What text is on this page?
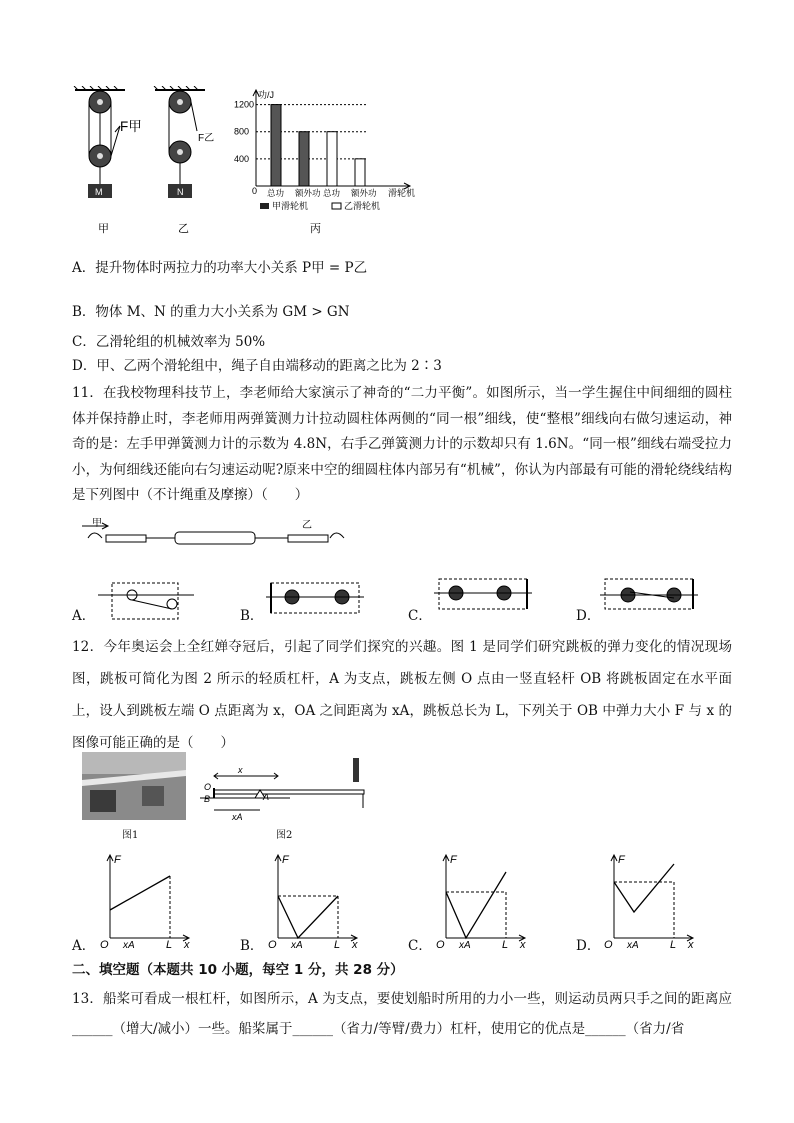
F甲
M
F乙
N
功/J
滑轮机
0
1200
800
400
总功 额外功 总功 额外功
甲滑轮机	乙滑轮机
甲	乙	丙
A．提升物体时两拉力的功率大小关系 P甲 = P乙
B．物体 M、N 的重力大小关系为 GM > GN
C．乙滑轮组的机械效率为 50%
D．甲、乙两个滑轮组中，绳子自由端移动的距离之比为 2∶3
11．在我校物理科技节上，李老师给大家演示了神奇的“二力平衡”。如图所示，当一学生握住中间细细的圆柱体并保持静止时，李老师用两弹簧测力计拉动圆柱体两侧的“同一根”细线，使“整根”细线向右做匀速运动，神奇的是：左手甲弹簧测力计的示数为 4.8N，右手乙弹簧测力计的示数却只有 1.6N。“同一根”细线右端受拉力小，为何细线还能向右匀速运动呢?原来中空的细圆柱体内部另有“机械”，你认为内部最有可能的滑轮绕线结构是下列图中（不计绳重及摩擦）（　　）
甲	乙
A．	B．	C．	D．
12．今年奥运会上全红婵夺冠后，引起了同学们探究的兴趣。图 1 是同学们研究跳板的弹力变化的情况现场图，跳板可简化为图 2 所示的轻质杠杆，A 为支点，跳板左侧 O 点由一竖直轻杆 OB 将跳板固定在水平面上，设人到跳板左端 O 点距离为 x，OA 之间距离为 xA，跳板总长为 L，下列关于 OB 中弹力大小 F 与 x 的图像可能正确的是（　　）
图1
O
B
x
xA
A
图2
A．	B．	C．	D．
F
O xA	L x
F
O xA	L x
F
O xA	L x
F
O xA	L x
二、填空题（本题共 10 小题，每空 1 分，共 28 分）
13．船桨可看成一根杠杆，如图所示，A 为支点，要使划船时所用的力小一些，则运动员两只手之间的距离应______（增大/减小）一些。船桨属于______（省力/等臂/费力）杠杆，使用它的优点是______（省力/省
